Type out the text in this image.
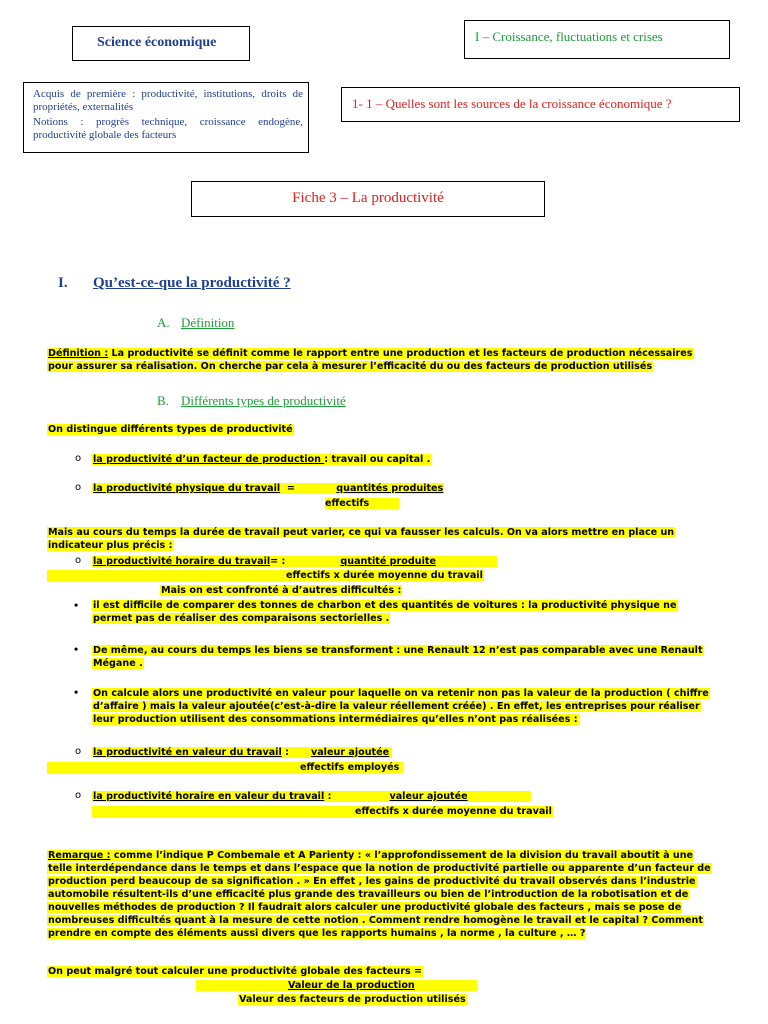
Science économique	I – Croissance, fluctuations et crises
Acquis de première : productivité, institutions, droits de propriétés, externalités
Notions : progrès technique, croissance endogène, productivité globale des facteurs
1- 1 – Quelles sont les sources de la croissance économique ?
Fiche 3 – La productivité
I. Qu’est-ce-que la productivité ?
A. Définition
Définition : La productivité se définit comme le rapport entre une production et les facteurs de production nécessaires
pour assurer sa réalisation. On cherche par cela à mesurer l’efficacité du ou des facteurs de production utilisés
B. Différents types de productivité
On distingue différents types de productivité
o la productivité d’un facteur de production : travail ou capital .
o la productivité physique du travail  =	quantités produites
effectifs
Mais au cours du temps la durée de travail peut varier, ce qui va fausser les calculs. On va alors mettre en place un
indicateur plus précis :
o la productivité horaire du travail= :	quantité produite
effectifs x durée moyenne du travail
Mais on est confronté à d’autres difficultés :
• il est difficile de comparer des tonnes de charbon et des quantités de voitures : la productivité physique ne
permet pas de réaliser des comparaisons sectorielles .
• De même, au cours du temps les biens se transforment : une Renault 12 n’est pas comparable avec une Renault
Mégane .
• On calcule alors une productivité en valeur pour laquelle on va retenir non pas la valeur de la production ( chiffre
d’affaire ) mais la valeur ajoutée(c’est-à-dire la valeur réellement créée) . En effet, les entreprises pour réaliser
leur production utilisent des consommations intermédiaires qu’elles n’ont pas réalisées :
o la productivité en valeur du travail : valeur ajoutée
effectifs employés
o la productivité horaire en valeur du travail :	valeur ajoutée
effectifs x durée moyenne du travail
Remarque : comme l’indique P Combemale et A Parienty : « l’approfondissement de la division du travail aboutit à une
telle interdépendance dans le temps et dans l’espace que la notion de productivité partielle ou apparente d’un facteur de
production perd beaucoup de sa signification . » En effet , les gains de productivité du travail observés dans l’industrie
automobile résultent-ils d’une efficacité plus grande des travailleurs ou bien de l’introduction de la robotisation et de
nouvelles méthodes de production ? Il faudrait alors calculer une productivité globale des facteurs , mais se pose de
nombreuses difficultés quant à la mesure de cette notion . Comment rendre homogène le travail et le capital ? Comment
prendre en compte des éléments aussi divers que les rapports humains , la norme , la culture , … ?
On peut malgré tout calculer une productivité globale des facteurs =
Valeur de la production
Valeur des facteurs de production utilisés
